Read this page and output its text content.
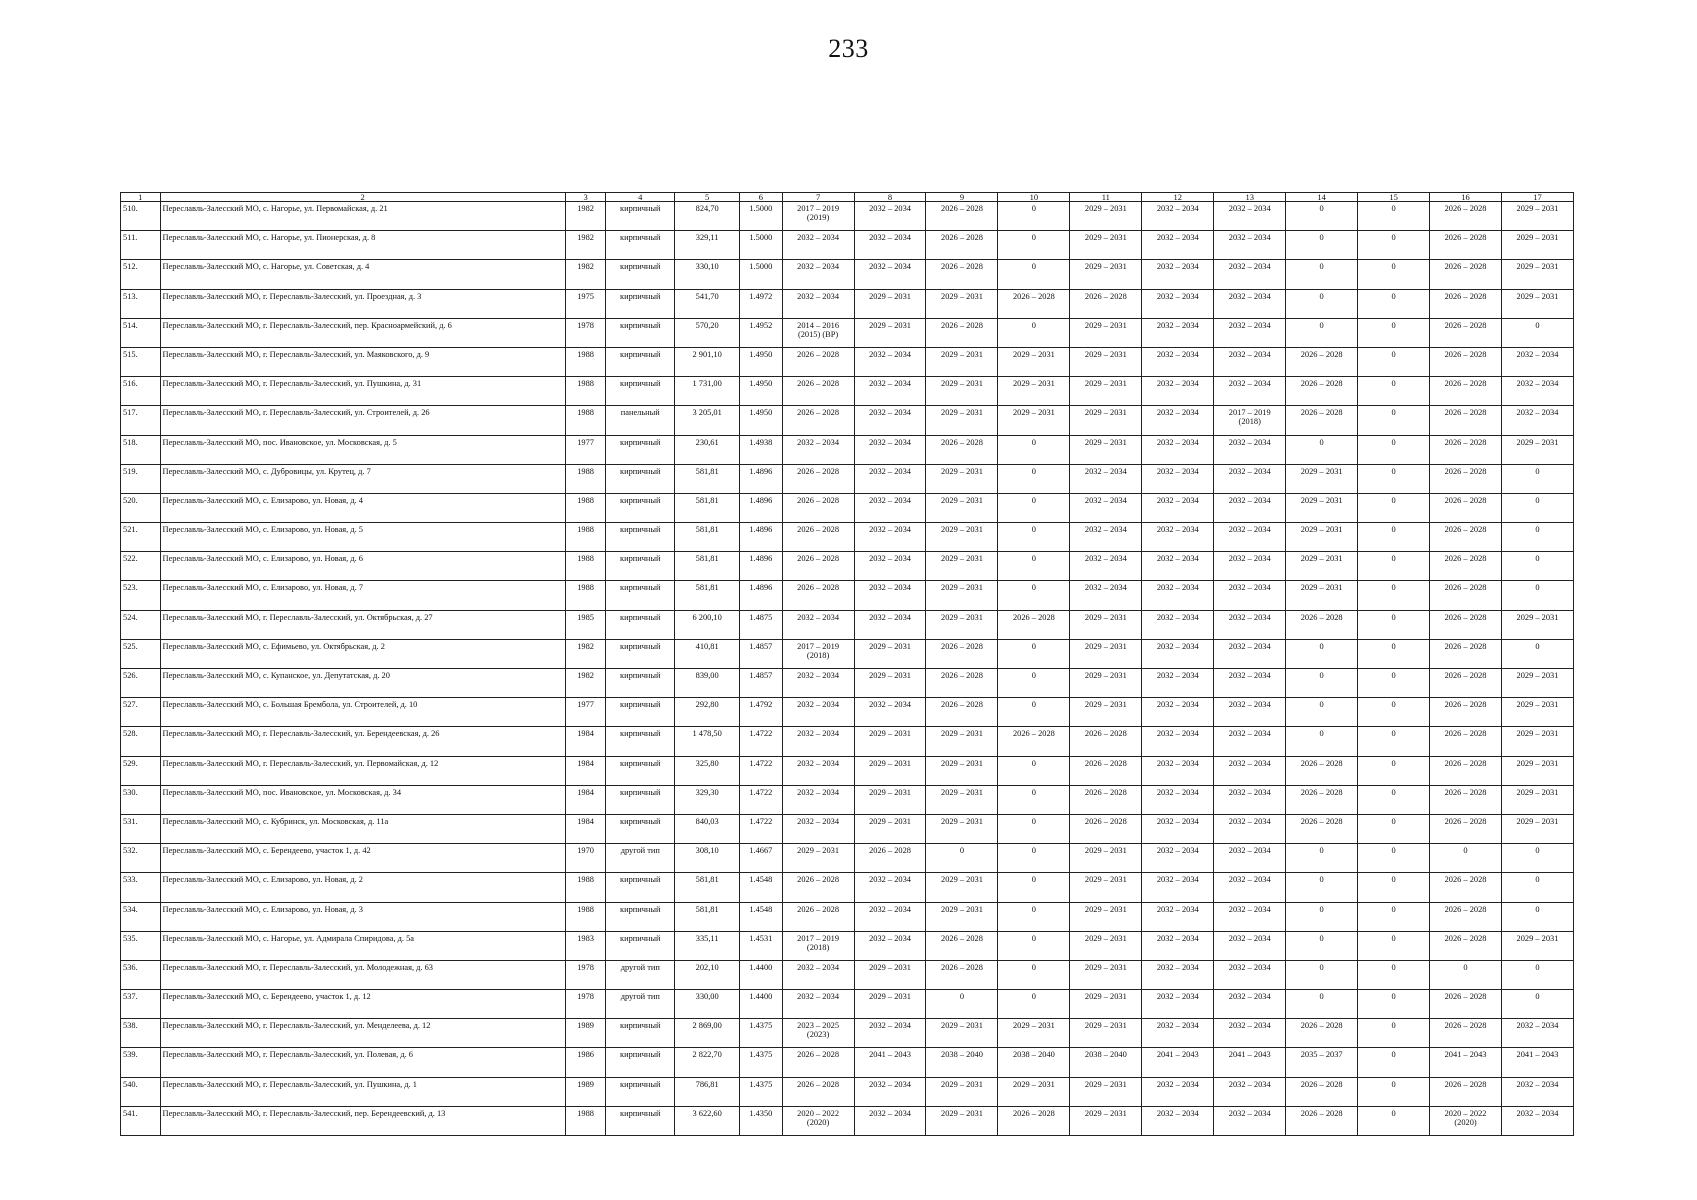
233
1	2	3	4	5	6	7	8	9	10	11	12	13	14	15	16	17

510.	Переславль-Залесский МО, с. Нагорье, ул. Первомайская, д. 21	1982	кирпичный	824,70	1.5000	2017 – 2019
(2019)	2032 – 2034	2026 – 2028	0	2029 – 2031	2032 – 2034	2032 – 2034	0	0	2026 – 2028	2029 – 2031

511.	Переславль-Залесский МО, с. Нагорье, ул. Пионерская, д. 8	1982	кирпичный	329,11	1.5000	2032 – 2034	2032 – 2034	2026 – 2028	0	2029 – 2031	2032 – 2034	2032 – 2034	0	0	2026 – 2028	2029 – 2031

512.	Переславль-Залесский МО, с. Нагорье, ул. Советская, д. 4	1982	кирпичный	330,10	1.5000	2032 – 2034	2032 – 2034	2026 – 2028	0	2029 – 2031	2032 – 2034	2032 – 2034	0	0	2026 – 2028	2029 – 2031

513.	Переславль-Залесский МО, г. Переславль-Залесский, ул. Проездная, д. 3	1975	кирпичный	541,70	1.4972	2032 – 2034	2029 – 2031	2029 – 2031	2026 – 2028	2026 – 2028	2032 – 2034	2032 – 2034	0	0	2026 – 2028	2029 – 2031

514.	Переславль-Залесский МО, г. Переславль-Залесский, пер. Красноармейский, д. 6	1978	кирпичный	570,20	1.4952	2014 – 2016
(2015) (ВР)	2029 – 2031	2026 – 2028	0	2029 – 2031	2032 – 2034	2032 – 2034	0	0	2026 – 2028	0

515.	Переславль-Залесский МО, г. Переславль-Залесский, ул. Маяковского, д. 9	1988	кирпичный	2 901,10	1.4950	2026 – 2028	2032 – 2034	2029 – 2031	2029 – 2031	2029 – 2031	2032 – 2034	2032 – 2034	2026 – 2028	0	2026 – 2028	2032 – 2034

516.	Переславль-Залесский МО, г. Переславль-Залесский, ул. Пушкина, д. 31	1988	кирпичный	1 731,00	1.4950	2026 – 2028	2032 – 2034	2029 – 2031	2029 – 2031	2029 – 2031	2032 – 2034	2032 – 2034	2026 – 2028	0	2026 – 2028	2032 – 2034

517.	Переславль-Залесский МО, г. Переславль-Залесский, ул. Строителей, д. 26	1988	панельный	3 205,01	1.4950	2026 – 2028	2032 – 2034	2029 – 2031	2029 – 2031	2029 – 2031	2032 – 2034	2017 – 2019
(2018)	2026 – 2028	0	2026 – 2028	2032 – 2034

518.	Переславль-Залесский МО, пос. Ивановское, ул. Московская, д. 5	1977	кирпичный	230,61	1.4938	2032 – 2034	2032 – 2034	2026 – 2028	0	2029 – 2031	2032 – 2034	2032 – 2034	0	0	2026 – 2028	2029 – 2031

519.	Переславль-Залесский МО, с. Дубровицы, ул. Крутец, д. 7	1988	кирпичный	581,81	1.4896	2026 – 2028	2032 – 2034	2029 – 2031	0	2032 – 2034	2032 – 2034	2032 – 2034	2029 – 2031	0	2026 – 2028	0

520.	Переславль-Залесский МО, с. Елизарово, ул. Новая, д. 4	1988	кирпичный	581,81	1.4896	2026 – 2028	2032 – 2034	2029 – 2031	0	2032 – 2034	2032 – 2034	2032 – 2034	2029 – 2031	0	2026 – 2028	0

521.	Переславль-Залесский МО, с. Елизарово, ул. Новая, д. 5	1988	кирпичный	581,81	1.4896	2026 – 2028	2032 – 2034	2029 – 2031	0	2032 – 2034	2032 – 2034	2032 – 2034	2029 – 2031	0	2026 – 2028	0

522.	Переславль-Залесский МО, с. Елизарово, ул. Новая, д. 6	1988	кирпичный	581,81	1.4896	2026 – 2028	2032 – 2034	2029 – 2031	0	2032 – 2034	2032 – 2034	2032 – 2034	2029 – 2031	0	2026 – 2028	0

523.	Переславль-Залесский МО, с. Елизарово, ул. Новая, д. 7	1988	кирпичный	581,81	1.4896	2026 – 2028	2032 – 2034	2029 – 2031	0	2032 – 2034	2032 – 2034	2032 – 2034	2029 – 2031	0	2026 – 2028	0

524.	Переславль-Залесский МО, г. Переславль-Залесский, ул. Октябрьская, д. 27	1985	кирпичный	6 200,10	1.4875	2032 – 2034	2032 – 2034	2029 – 2031	2026 – 2028	2029 – 2031	2032 – 2034	2032 – 2034	2026 – 2028	0	2026 – 2028	2029 – 2031

525.	Переславль-Залесский МО, с. Ефимьево, ул. Октябрьская, д. 2	1982	кирпичный	410,81	1.4857	2017 – 2019
(2018)	2029 – 2031	2026 – 2028	0	2029 – 2031	2032 – 2034	2032 – 2034	0	0	2026 – 2028	0

526.	Переславль-Залесский МО, с. Купанское, ул. Депутатская, д. 20	1982	кирпичный	839,00	1.4857	2032 – 2034	2029 – 2031	2026 – 2028	0	2029 – 2031	2032 – 2034	2032 – 2034	0	0	2026 – 2028	2029 – 2031

527.	Переславль-Залесский МО, с. Большая Брембола, ул. Строителей, д. 10	1977	кирпичный	292,80	1.4792	2032 – 2034	2032 – 2034	2026 – 2028	0	2029 – 2031	2032 – 2034	2032 – 2034	0	0	2026 – 2028	2029 – 2031

528.	Переславль-Залесский МО, г. Переславль-Залесский, ул. Берендеевская, д. 26	1984	кирпичный	1 478,50	1.4722	2032 – 2034	2029 – 2031	2029 – 2031	2026 – 2028	2026 – 2028	2032 – 2034	2032 – 2034	0	0	2026 – 2028	2029 – 2031

529.	Переславль-Залесский МО, г. Переславль-Залесский, ул. Первомайская, д. 12	1984	кирпичный	325,80	1.4722	2032 – 2034	2029 – 2031	2029 – 2031	0	2026 – 2028	2032 – 2034	2032 – 2034	2026 – 2028	0	2026 – 2028	2029 – 2031

530.	Переславль-Залесский МО, пос. Ивановское, ул. Московская, д. 34	1984	кирпичный	329,30	1.4722	2032 – 2034	2029 – 2031	2029 – 2031	0	2026 – 2028	2032 – 2034	2032 – 2034	2026 – 2028	0	2026 – 2028	2029 – 2031

531.	Переславль-Залесский МО, с. Кубринск, ул. Московская, д. 11а	1984	кирпичный	840,03	1.4722	2032 – 2034	2029 – 2031	2029 – 2031	0	2026 – 2028	2032 – 2034	2032 – 2034	2026 – 2028	0	2026 – 2028	2029 – 2031

532.	Переславль-Залесский МО, с. Берендеево, участок 1, д. 42	1970	другой тип	308,10	1.4667	2029 – 2031	2026 – 2028	0	0	2029 – 2031	2032 – 2034	2032 – 2034	0	0	0	0

533.	Переславль-Залесский МО, с. Елизарово, ул. Новая, д. 2	1988	кирпичный	581,81	1.4548	2026 – 2028	2032 – 2034	2029 – 2031	0	2029 – 2031	2032 – 2034	2032 – 2034	0	0	2026 – 2028	0

534.	Переславль-Залесский МО, с. Елизарово, ул. Новая, д. 3	1988	кирпичный	581,81	1.4548	2026 – 2028	2032 – 2034	2029 – 2031	0	2029 – 2031	2032 – 2034	2032 – 2034	0	0	2026 – 2028	0

535.	Переславль-Залесский МО, с. Нагорье, ул. Адмирала Спиридова, д. 5а	1983	кирпичный	335,11	1.4531	2017 – 2019
(2018)	2032 – 2034	2026 – 2028	0	2029 – 2031	2032 – 2034	2032 – 2034	0	0	2026 – 2028	2029 – 2031

536.	Переславль-Залесский МО, г. Переславль-Залесский, ул. Молодежная, д. 63	1978	другой тип	202,10	1.4400	2032 – 2034	2029 – 2031	2026 – 2028	0	2029 – 2031	2032 – 2034	2032 – 2034	0	0	0	0

537.	Переславль-Залесский МО, с. Берендеево, участок 1, д. 12	1978	другой тип	330,00	1.4400	2032 – 2034	2029 – 2031	0	0	2029 – 2031	2032 – 2034	2032 – 2034	0	0	2026 – 2028	0

538.	Переславль-Залесский МО, г. Переславль-Залесский, ул. Менделеева, д. 12	1989	кирпичный	2 869,00	1.4375	2023 – 2025
(2023)	2032 – 2034	2029 – 2031	2029 – 2031	2029 – 2031	2032 – 2034	2032 – 2034	2026 – 2028	0	2026 – 2028	2032 – 2034

539.	Переславль-Залесский МО, г. Переславль-Залесский, ул. Полевая, д. 6	1986	кирпичный	2 822,70	1.4375	2026 – 2028	2041 – 2043	2038 – 2040	2038 – 2040	2038 – 2040	2041 – 2043	2041 – 2043	2035 – 2037	0	2041 – 2043	2041 – 2043

540.	Переславль-Залесский МО, г. Переславль-Залесский, ул. Пушкина, д. 1	1989	кирпичный	786,81	1.4375	2026 – 2028	2032 – 2034	2029 – 2031	2029 – 2031	2029 – 2031	2032 – 2034	2032 – 2034	2026 – 2028	0	2026 – 2028	2032 – 2034

541.	Переславль-Залесский МО, г. Переславль-Залесский, пер. Берендеевский, д. 13	1988	кирпичный	3 622,60	1.4350	2020 – 2022
(2020)	2032 – 2034	2029 – 2031	2026 – 2028	2029 – 2031	2032 – 2034	2032 – 2034	2026 – 2028	0	2020 – 2022
(2020)	2032 – 2034
